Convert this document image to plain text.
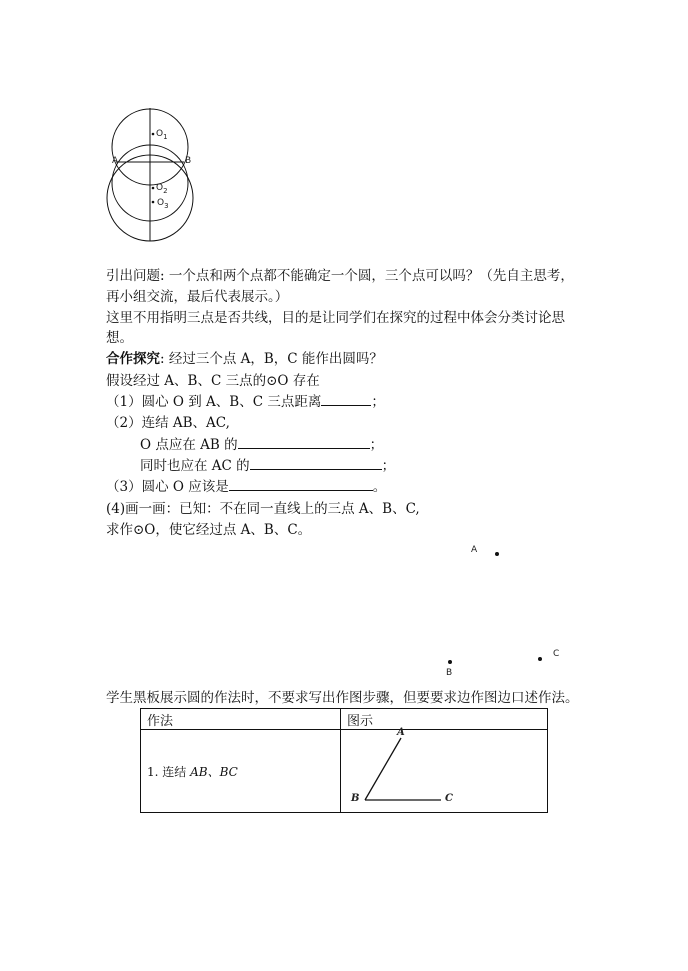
A	B
$O_1$
$O_2$
$O_3$
引出问题: 一个点和两个点都不能确定一个圆，三个点可以吗？（先自主思考，
再小组交流，最后代表展示。）
这里不用指明三点是否共线，目的是让同学们在探究的过程中体会分类讨论思
想。
合作探究: 经过三个点 A，B，C 能作出圆吗？
假设经过 A、B、C 三点的⊙O 存在
（1）圆心 O 到 A、B、C 三点距离	；
（2）连结 AB、AC,
O 点应在 AB 的	；
同时也应在 AC 的	；
（3）圆心 O 应该是	。
(4)画一画：已知：不在同一直线上的三点 A、B、C,
求作⊙O，使它经过点 A、B、C。
A
B
C
学生黑板展示圆的作法时，不要求写出作图步骤，但要要求边作图边口述作法。
作法	图示
1. 连结 AB、BC	A
B C
